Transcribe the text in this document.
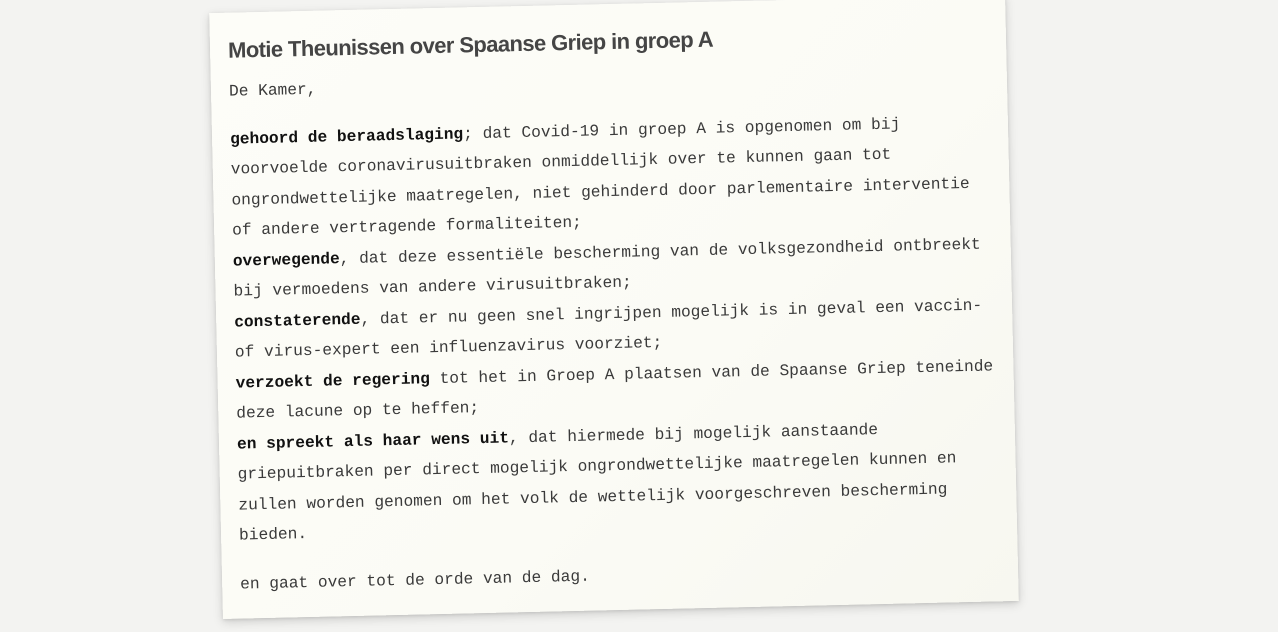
Motie Theunissen over Spaanse Griep in groep A

De Kamer,

gehoord de beraadslaging; dat Covid-19 in groep A is opgenomen om bij voorvoelde coronavirusuitbraken onmiddellijk over te kunnen gaan tot ongrondwettelijke maatregelen, niet gehinderd door parlementaire interventie of andere vertragende formaliteiten;

overwegende, dat deze essentiële bescherming van de volksgezondheid ontbreekt bij vermoedens van andere virusuitbraken;

constaterende, dat er nu geen snel ingrijpen mogelijk is in geval een vaccin- of virus-expert een influenzavirus voorziet;

verzoekt de regering tot het in Groep A plaatsen van de Spaanse Griep teneinde deze lacune op te heffen;

en spreekt als haar wens uit, dat hiermede bij mogelijk aanstaande griepuitbraken per direct mogelijk ongrondwettelijke maatregelen kunnen en zullen worden genomen om het volk de wettelijk voorgeschreven bescherming bieden.

en gaat over tot de orde van de dag.
